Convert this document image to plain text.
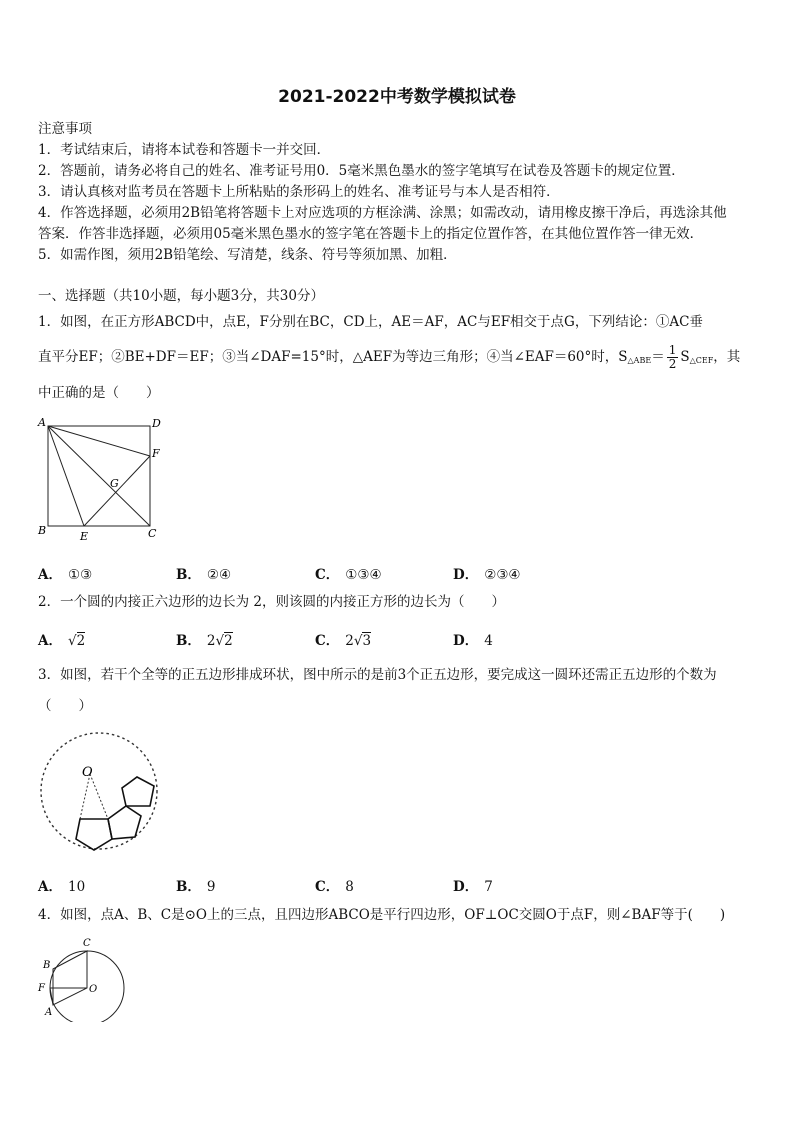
2021-2022中考数学模拟试卷
注意事项
1．考试结束后，请将本试卷和答题卡一并交回．
2．答题前，请务必将自己的姓名、准考证号用0．5毫米黑色墨水的签字笔填写在试卷及答题卡的规定位置．
3．请认真核对监考员在答题卡上所粘贴的条形码上的姓名、准考证号与本人是否相符．
4．作答选择题，必须用2B铅笔将答题卡上对应选项的方框涂满、涂黑；如需改动，请用橡皮擦干净后，再选涂其他
答案．作答非选择题，必须用05毫米黑色墨水的签字笔在答题卡上的指定位置作答，在其他位置作答一律无效．
5．如需作图，须用2B铅笔绘、写清楚，线条、符号等须加黑、加粗．
一、选择题（共10小题，每小题3分，共30分）
1．如图，在正方形ABCD中，点E，F分别在BC，CD上，AE＝AF，AC与EF相交于点G，下列结论：①AC垂
直平分EF；②BE+DF＝EF；③当∠DAF=15°时，△AEF为等边三角形；④当∠EAF＝60°时，$S_{\triangle ABE}= \frac{1}{2} S_{\triangle CEF}$，其
中正确的是（　　）
A	D
F
G
B	E	C
A． ①③	B． ②④	C． ①③④	D． ②③④
2．一个圆的内接正六边形的边长为 2，则该圆的内接正方形的边长为（　　）
A． √2	B． 2√2	C． 2√3	D． 4
3．如图，若干个全等的正五边形排成环状，图中所示的是前3个正五边形，要完成这一圆环还需正五边形的个数为
（　　）
O
A． 10	B． 9	C． 8	D． 7
4．如图，点A、B、C是⊙O上的三点，且四边形ABCO是平行四边形，OF⊥OC交圆O于点F，则∠BAF等于(　　)
C
B
F	O
A
